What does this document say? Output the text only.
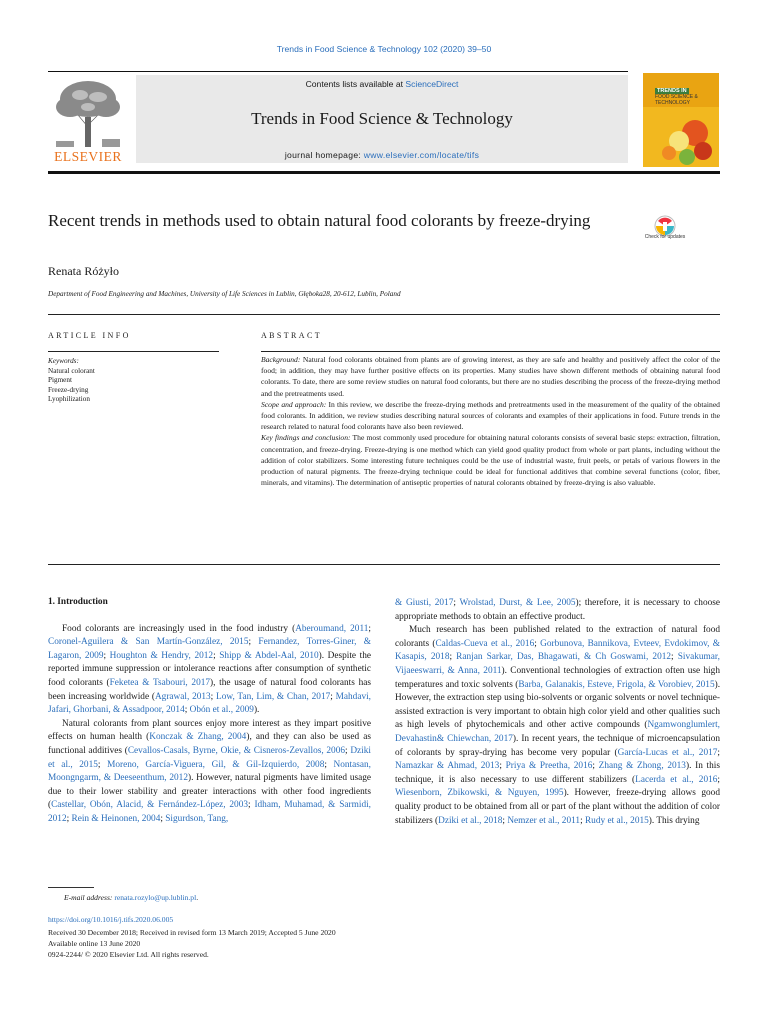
Trends in Food Science & Technology 102 (2020) 39–50
ELSEVIER
Contents lists available at ScienceDirect
Trends in Food Science & Technology
journal homepage: www.elsevier.com/locate/tifs
TRENDS IN
FOOD SCIENCE & TECHNOLOGY
Recent trends in methods used to obtain natural food colorants by freeze-drying
Check for updates
Renata Różyło
Department of Food Engineering and Machines, University of Life Sciences in Lublin, Głęboka28, 20-612, Lublin, Poland
ARTICLE INFO	ABSTRACT
Keywords:
Natural colorant
Pigment
Freeze-drying
Lyophilization
Background: Natural food colorants obtained from plants are of growing interest, as they are safe and healthy and positively affect the color of the food; in addition, they may have further positive effects on its properties. Many studies have shown different methods of obtaining natural food colorants. To date, there are some review studies on natural food colorants, but there are no studies describing the process of the freeze-drying method and the pretreatments used.
Scope and approach: In this review, we describe the freeze-drying methods and pretreatments used in the measurement of the quality of the obtained food colorants. In addition, we review studies describing natural sources of colorants and examples of their applications in food. Future trends in the research related to natural food colorants have also been reviewed.
Key findings and conclusion: The most commonly used procedure for obtaining natural colorants consists of several basic steps: extraction, filtration, concentration, and freeze-drying. Freeze-drying is one method which can yield good quality product from whole or part plants, including without the addition of color stabilizers. Some interesting future techniques could be the use of industrial waste, fruit peels, or petals of various flowers in the production of natural pigments. The freeze-drying technique could be ideal for functional additives that combine several functions (color, fiber, minerals, and vitamins). The determination of antiseptic properties of natural colorants obtained by freeze-drying is also valuable.
1. Introduction

Food colorants are increasingly used in the food industry (Aberoumand, 2011; Coronel-Aguilera & San Martín-González, 2015; Fernandez, Torres-Giner, & Lagaron, 2009; Houghton & Hendry, 2012; Shipp & Abdel-Aal, 2010). Despite the reported immune suppression or intolerance reactions after consumption of synthetic food colorants (Feketea & Tsabouri, 2017), the usage of natural food colorants has been increasing worldwide (Agrawal, 2013; Low, Tan, Lim, & Chan, 2017; Mahdavi, Jafari, Ghorbani, & Assadpoor, 2014; Obón et al., 2009).

Natural colorants from plant sources enjoy more interest as they impart positive effects on human health (Konczak & Zhang, 2004), and they can also be used as functional additives (Cevallos-Casals, Byrne, Okie, & Cisneros-Zevallos, 2006; Dziki et al., 2015; Moreno, García-Viguera, Gil, & Gil-Izquierdo, 2008; Nontasan, Moongngarm, & Deeseenthum, 2012). However, natural pigments have limited usage due to their lower stability and greater interactions with other food ingredients (Castellar, Obón, Alacid, & Fernández-López, 2003; Idham, Muhamad, & Sarmidi, 2012; Rein & Heinonen, 2004; Sigurdson, Tang,

& Giusti, 2017; Wrolstad, Durst, & Lee, 2005); therefore, it is necessary to choose appropriate methods to obtain an effective product.

Much research has been published related to the extraction of natural food colorants (Caldas-Cueva et al., 2016; Gorbunova, Bannikova, Evteev, Evdokimov, & Kasapis, 2018; Ranjan Sarkar, Das, Bhagawati, & Ch Goswami, 2012; Sivakumar, Vijaeeswarri, & Anna, 2011). Conventional technologies of extraction often use high temperatures and toxic solvents (Barba, Galanakis, Esteve, Frigola, & Vorobiev, 2015). However, the extraction step using bio-solvents or organic solvents or novel technique-assisted extraction is very important to obtain high color yield and other qualities such as high levels of phytochemicals and other active compounds (Ngamwonglumlert, Devahastin& Chiewchan, 2017). In recent years, the technique of microencapsulation of colorants by spray-drying has become very popular (García-Lucas et al., 2017; Namazkar & Ahmad, 2013; Priya & Preetha, 2016; Zhang & Zhong, 2013). In this technique, it is also necessary to use different stabilizers (Lacerda et al., 2016; Wiesenborn, Zbikowski, & Nguyen, 1995). However, freeze-drying allows good quality product to be obtained from all or part of the plant without the addition of color stabilizers (Dziki et al., 2018; Nemzer et al., 2011; Rudy et al., 2015). This drying

E-mail address: renata.rozylo@up.lublin.pl.
https://doi.org/10.1016/j.tifs.2020.06.005
Received 30 December 2018; Received in revised form 13 March 2019; Accepted 5 June 2020
Available online 13 June 2020
0924-2244/ © 2020 Elsevier Ltd. All rights reserved.
